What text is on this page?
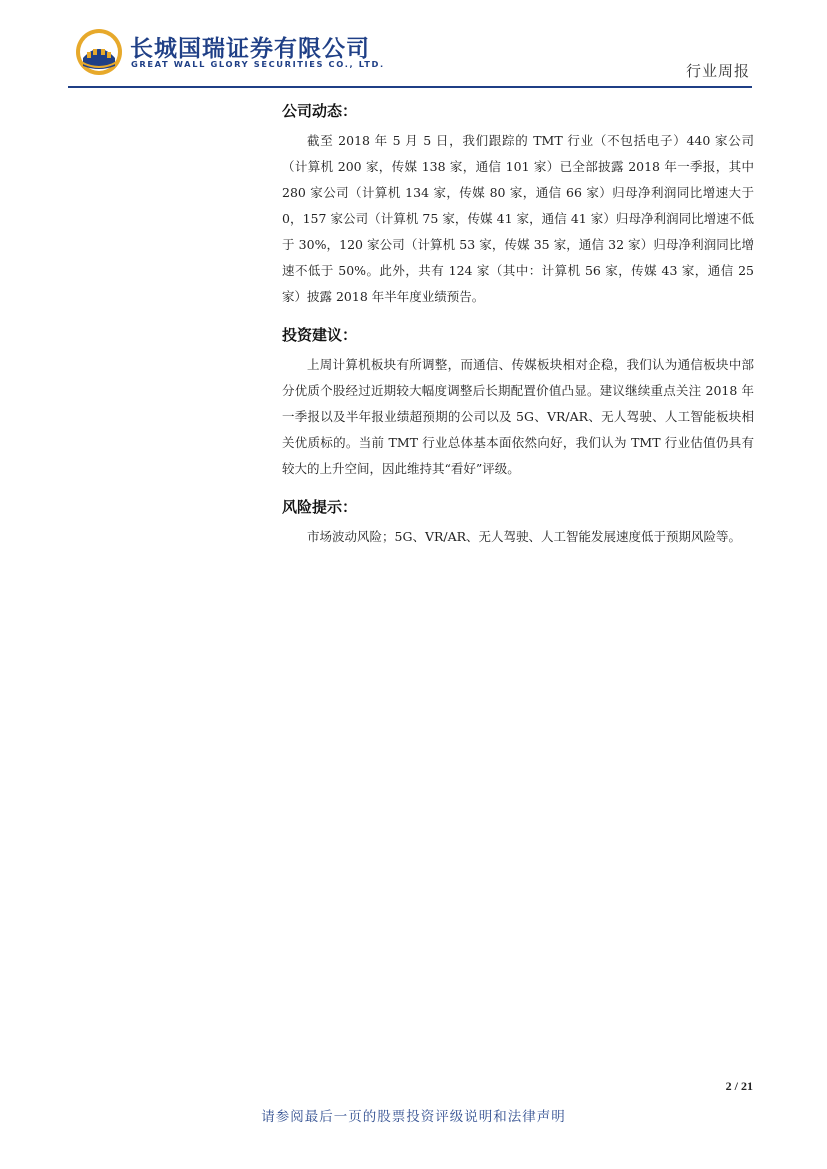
长城国瑞证券有限公司
GREAT WALL GLORY SECURITIES CO., LTD.	行业周报
公司动态：

截至 2018 年 5 月 5 日，我们跟踪的 TMT 行业（不包括电子）440 家公司（计算机 200 家，传媒 138 家，通信 101 家）已全部披露 2018 年一季报，其中 280 家公司（计算机 134 家，传媒 80 家，通信 66 家）归母净利润同比增速大于 0，157 家公司（计算机 75 家，传媒 41 家，通信 41 家）归母净利润同比增速不低于 30%，120 家公司（计算机 53 家，传媒 35 家，通信 32 家）归母净利润同比增速不低于 50%。此外，共有 124 家（其中：计算机 56 家，传媒 43 家，通信 25 家）披露 2018 年半年度业绩预告。

投资建议：

上周计算机板块有所调整，而通信、传媒板块相对企稳，我们认为通信板块中部分优质个股经过近期较大幅度调整后长期配置价值凸显。建议继续重点关注 2018 年一季报以及半年报业绩超预期的公司以及 5G、VR/AR、无人驾驶、人工智能板块相关优质标的。当前 TMT 行业总体基本面依然向好，我们认为 TMT 行业估值仍具有较大的上升空间，因此维持其“看好”评级。

风险提示：

市场波动风险；5G、VR/AR、无人驾驶、人工智能发展速度低于预期风险等。

2 / 21
请参阅最后一页的股票投资评级说明和法律声明
